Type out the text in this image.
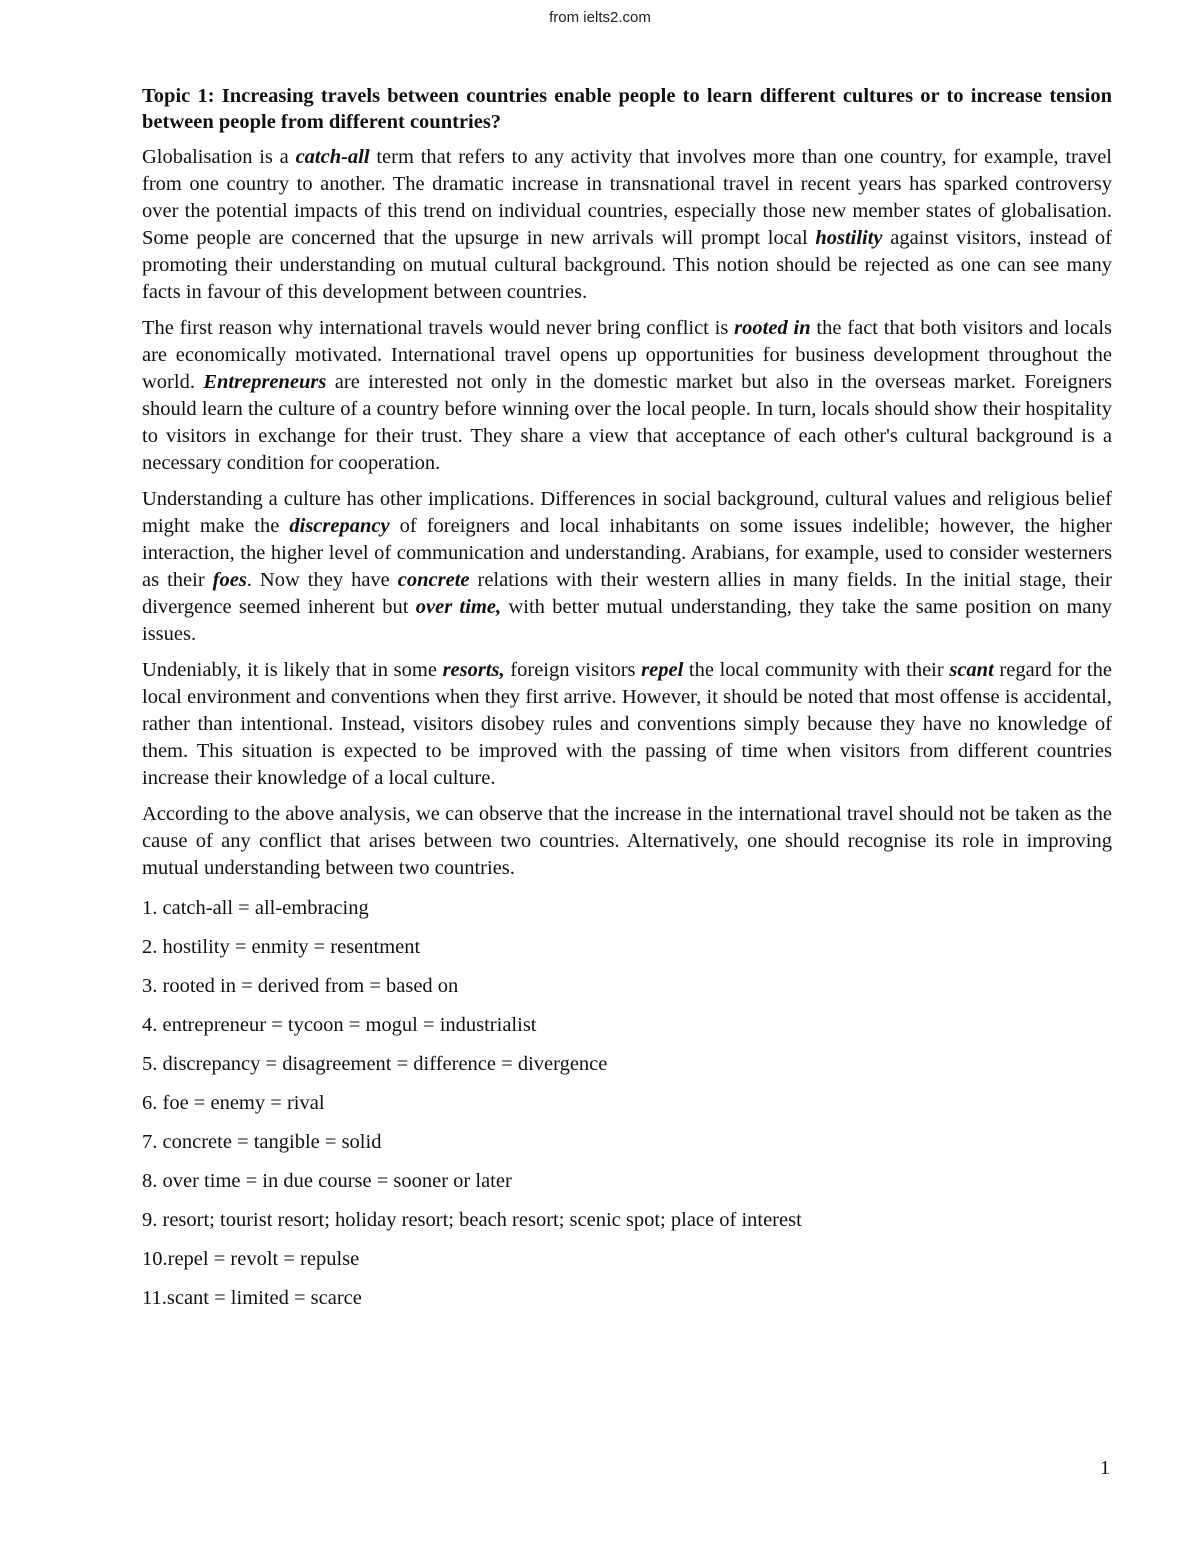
from ielts2.com
Topic 1: Increasing travels between countries enable people to learn different cultures or to increase tension between people from different countries?

Globalisation is a catch-all term that refers to any activity that involves more than one country, for example, travel from one country to another. The dramatic increase in transnational travel in recent years has sparked controversy over the potential impacts of this trend on individual countries, especially those new member states of globalisation. Some people are concerned that the upsurge in new arrivals will prompt local hostility against visitors, instead of promoting their understanding on mutual cultural background. This notion should be rejected as one can see many facts in favour of this development between countries.

The first reason why international travels would never bring conflict is rooted in the fact that both visitors and locals are economically motivated. International travel opens up opportunities for business development throughout the world. Entrepreneurs are interested not only in the domestic market but also in the overseas market. Foreigners should learn the culture of a country before winning over the local people. In turn, locals should show their hospitality to visitors in exchange for their trust. They share a view that acceptance of each other's cultural background is a necessary condition for cooperation.

Understanding a culture has other implications. Differences in social background, cultural values and religious belief might make the discrepancy of foreigners and local inhabitants on some issues indelible; however, the higher interaction, the higher level of communication and understanding. Arabians, for example, used to consider westerners as their foes. Now they have concrete relations with their western allies in many fields. In the initial stage, their divergence seemed inherent but over time, with better mutual understanding, they take the same position on many issues.

Undeniably, it is likely that in some resorts, foreign visitors repel the local community with their scant regard for the local environment and conventions when they first arrive. However, it should be noted that most offense is accidental, rather than intentional. Instead, visitors disobey rules and conventions simply because they have no knowledge of them. This situation is expected to be improved with the passing of time when visitors from different countries increase their knowledge of a local culture.

According to the above analysis, we can observe that the increase in the international travel should not be taken as the cause of any conflict that arises between two countries. Alternatively, one should recognise its role in improving mutual understanding between two countries.

1. catch-all = all-embracing
2. hostility = enmity = resentment
3. rooted in = derived from = based on
4. entrepreneur = tycoon = mogul = industrialist
5. discrepancy = disagreement = difference = divergence
6. foe = enemy = rival
7. concrete = tangible = solid
8. over time = in due course = sooner or later
9. resort; tourist resort; holiday resort; beach resort; scenic spot; place of interest
10.repel = revolt = repulse
11.scant = limited = scarce
1
